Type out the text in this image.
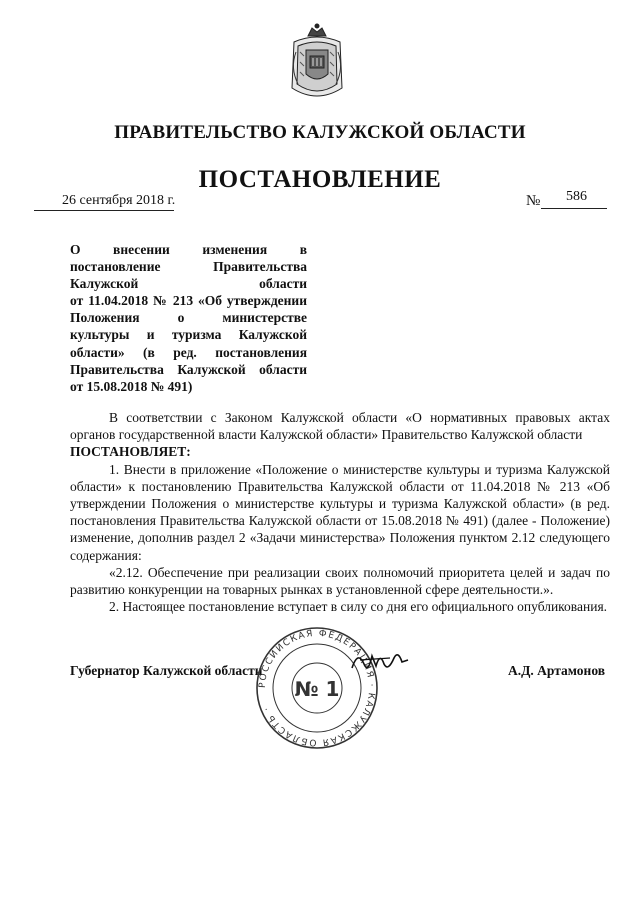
ПРАВИТЕЛЬСТВО КАЛУЖСКОЙ ОБЛАСТИ
ПОСТАНОВЛЕНИЕ
26 сентября 2018 г.	№ 586
О внесении изменения в
постановление Правительства
Калужской области
от 11.04.2018 № 213 «Об утверждении
Положения о министерстве
культуры и туризма Калужской
области» (в ред. постановления
Правительства Калужской области
от 15.08.2018 № 491)

В соответствии с Законом Калужской области «О нормативных правовых актах органов государственной власти Калужской области» Правительство Калужской области

ПОСТАНОВЛЯЕТ:

1. Внести в приложение «Положение о министерстве культуры и туризма Калужской области» к постановлению Правительства Калужской области от 11.04.2018 № 213 «Об утверждении Положения о министерстве культуры и туризма Калужской области» (в ред. постановления Правительства Калужской области от 15.08.2018 № 491) (далее - Положение) изменение, дополнив раздел 2 «Задачи министерства» Положения пунктом 2.12 следующего содержания:

«2.12. Обеспечение при реализации своих полномочий приоритета целей и задач по развитию конкуренции на товарных рынках в установленной сфере деятельности.».

2. Настоящее постановление вступает в силу со дня его официального опубликования.

Губернатор Калужской области	А.Д. Артамонов
РОССИЙСКАЯ ФЕДЕРАЦИЯ · КАЛУЖСКАЯ ОБЛАСТЬ ·
№ 1
